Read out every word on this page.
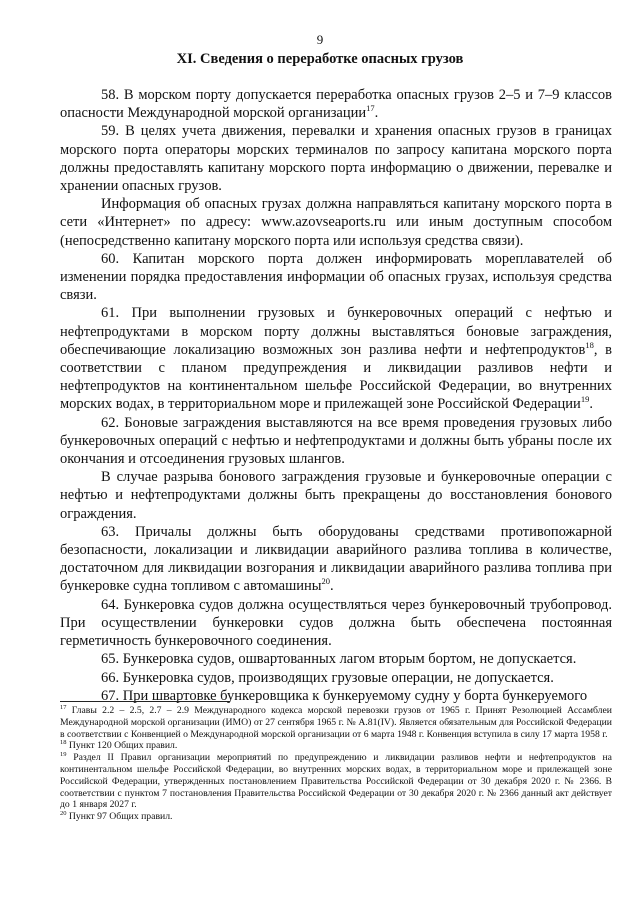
9
XI. Сведения о переработке опасных грузов

58. В морском порту допускается переработка опасных грузов 2–5 и 7–9 классов опасности Международной морской организации$^{17}$.

59. В целях учета движения, перевалки и хранения опасных грузов в границах морского порта операторы морских терминалов по запросу капитана морского порта должны предоставлять капитану морского порта информацию о движении, перевалке и хранении опасных грузов.

Информация об опасных грузах должна направляться капитану морского порта в сети «Интернет» по адресу: www.azovseaports.ru или иным доступным способом (непосредственно капитану морского порта или используя средства связи).

60. Капитан морского порта должен информировать мореплавателей об изменении порядка предоставления информации об опасных грузах, используя средства связи.

61. При выполнении грузовых и бункеровочных операций с нефтью и нефтепродуктами в морском порту должны выставляться боновые заграждения, обеспечивающие локализацию возможных зон разлива нефти и нефтепродуктов$^{18}$, в соответствии с планом предупреждения и ликвидации разливов нефти и нефтепродуктов на континентальном шельфе Российской Федерации, во внутренних морских водах, в территориальном море и прилежащей зоне Российской Федерации$^{19}$.

62. Боновые заграждения выставляются на все время проведения грузовых либо бункеровочных операций с нефтью и нефтепродуктами и должны быть убраны после их окончания и отсоединения грузовых шлангов.

В случае разрыва бонового заграждения грузовые и бункеровочные операции с нефтью и нефтепродуктами должны быть прекращены до восстановления бонового ограждения.

63. Причалы должны быть оборудованы средствами противопожарной безопасности, локализации и ликвидации аварийного разлива топлива в количестве, достаточном для ликвидации возгорания и ликвидации аварийного разлива топлива при бункеровке судна топливом с автомашины$^{20}$.

64. Бункеровка судов должна осуществляться через бункеровочный трубопровод. При осуществлении бункеровки судов должна быть обеспечена постоянная герметичность бункеровочного соединения.

65. Бункеровка судов, ошвартованных лагом вторым бортом, не допускается.

66. Бункеровка судов, производящих грузовые операции, не допускается.

67. При швартовке бункеровщика к бункеруемому судну у борта бункеруемого

$^{17}$ Главы 2.2 – 2.5, 2.7 – 2.9 Международного кодекса морской перевозки грузов от 1965 г. Принят Резолюцией Ассамблеи Международной морской организации (ИМО) от 27 сентября 1965 г. № А.81(IV). Является обязательным для Российской Федерации в соответствии с Конвенцией о Международной морской организации от 6 марта 1948 г. Конвенция вступила в силу 17 марта 1958 г.

$^{18}$ Пункт 120 Общих правил.

$^{19}$ Раздел II Правил организации мероприятий по предупреждению и ликвидации разливов нефти и нефтепродуктов на континентальном шельфе Российской Федерации, во внутренних морских водах, в территориальном море и прилежащей зоне Российской Федерации, утвержденных постановлением Правительства Российской Федерации от 30 декабря 2020 г. № 2366. В соответствии с пунктом 7 постановления Правительства Российской Федерации от 30 декабря 2020 г. № 2366 данный акт действует до 1 января 2027 г.

$^{20}$ Пункт 97 Общих правил.
